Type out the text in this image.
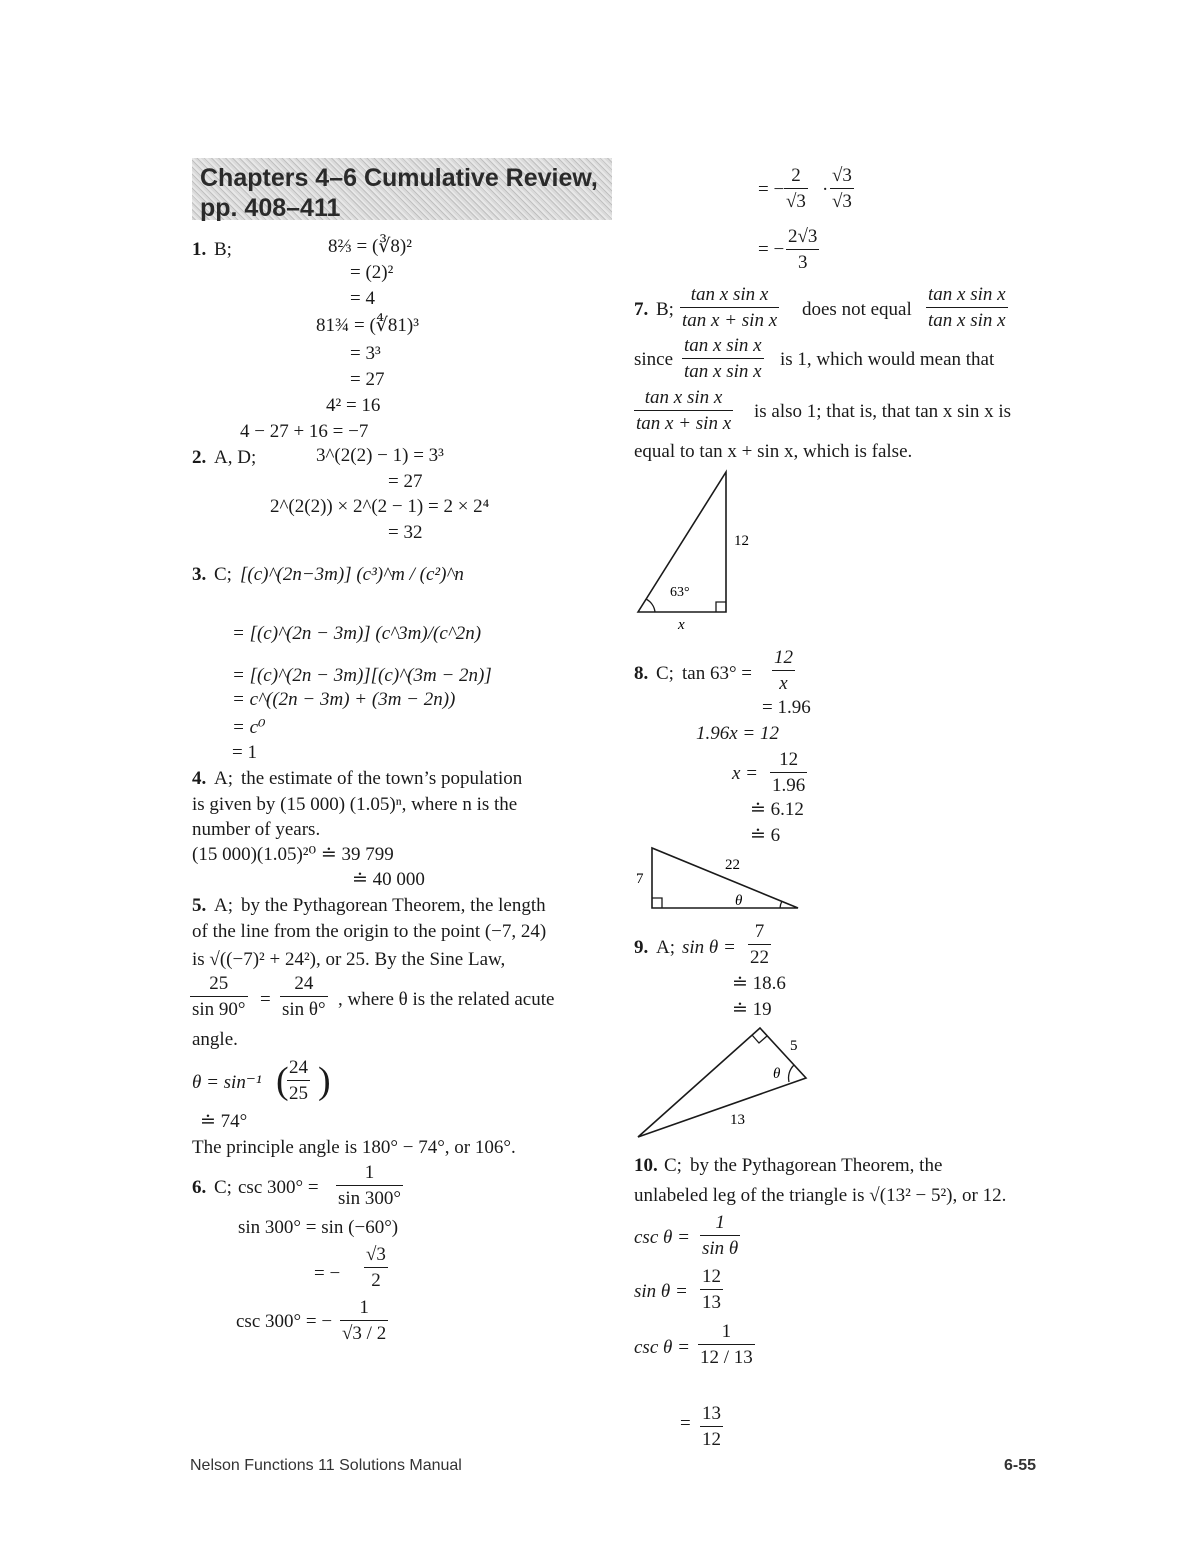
Chapters 4–6 Cumulative Review,
pp. 408–411
1. B;	8⅔ = (∛8)²
= (2)²
= 4
81¾ = (∜81)³
= 3³
= 27
4² = 16
4 − 27 + 16 = −7
2. A, D;	3^(2(2) − 1) = 3³
= 27
2^(2(2)) × 2^(2 − 1) = 2 × 2⁴
= 32
3. C; [(c)^(2n−3m)] (c³)^m / (c²)^n
= [(c)^(2n − 3m)] (c^3m)/(c^2n)
= [(c)^(2n − 3m)][(c)^(3m − 2n)]
= c^((2n − 3m) + (3m − 2n))
= c⁰
= 1
4. A; the estimate of the town’s population
is given by (15 000) (1.05)ⁿ, where n is the
number of years.
(15 000)(1.05)²⁰ ≐ 39 799
≐ 40 000
5. A; by the Pythagorean Theorem, the length
of the line from the origin to the point (−7, 24)
is √((−7)² + 24²), or 25. By the Sine Law,
$\frac{25}{\sin 90^\circ} = \frac{24}{\text{sin θ°}}$ , where θ is the related acute
angle.
θ = sin⁻¹ (
$\frac{24}{25}$ )
≐ 74°
The principle angle is 180° − 74°, or 106°.
6. C; $\csc 300^\circ = \frac{1}{\sin 300^\circ}$
sin 300° = sin (−60°)
= − $\frac{√3}{2}$
csc 300° = − $\frac{1}{√3 / 2}$
= − $\frac{2}{√3} \cdot \frac{√3}{√3}$
= − $\frac{2√3}{3}$
7. B; $\frac{\text{tan x sin x}}{\text{tan x + sin x}}$ does not equal $\frac{\text{tan x sin x}}{\text{tan x sin x}}$
since $\frac{\text{tan x sin x}}{\text{tan x sin x}}$ is 1, which would mean that
$\frac{\text{tan x sin x}}{\text{tan x + sin x}}$ is also 1; that is, that tan x sin x is
equal to tan x + sin x, which is false.
12
63°
x
8. C; $\tan 63^\circ = \frac{12}{x}$
= 1.96
1.96x = 12
$x = \frac{12}{1.96}$
≐ 6.12
≐ 6
7
22
θ
9. A; $\sin \theta = \frac{7}{22}$
≐ 18.6
≐ 19
5
13
θ
10. C; by the Pythagorean Theorem, the
unlabeled leg of the triangle is √(13² − 5²), or 12.
$\csc \theta = \frac{1}{\text{sin θ}}$
$\sin \theta = \frac{12}{13}$
$\csc \theta = \frac{1}{12 / 13}$
= $\frac{13}{12}$
Nelson Functions 11 Solutions Manual	6-55
